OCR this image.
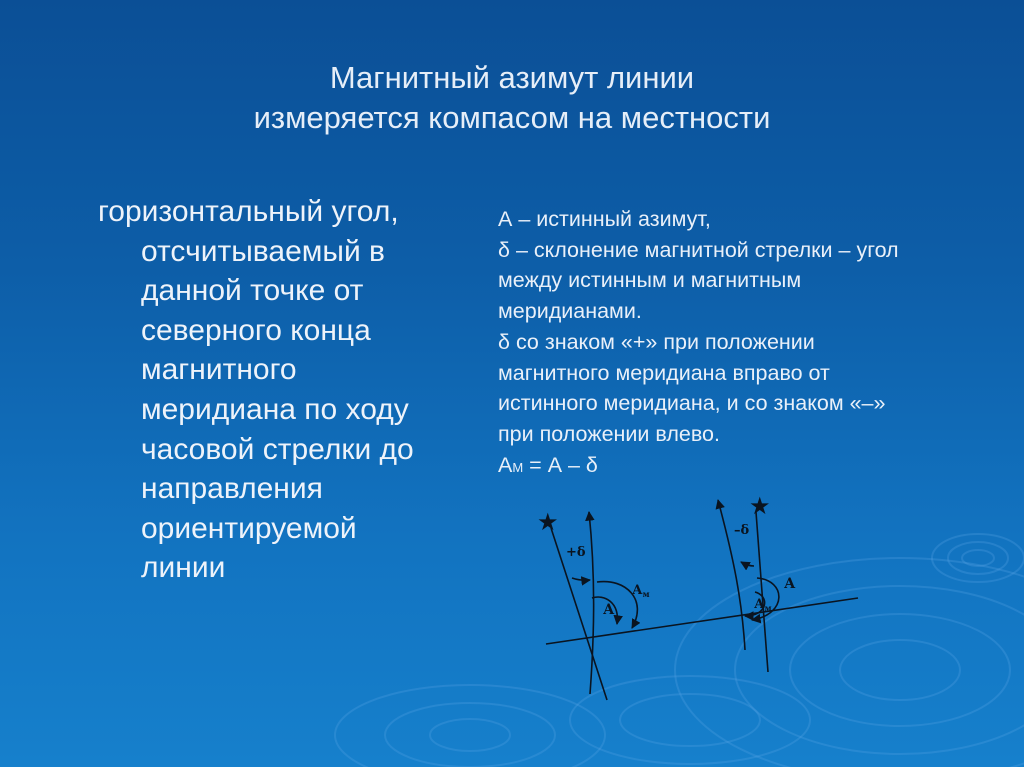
Магнитный азимут линии
измеряется компасом на местности
горизонтальный угол,
отсчитываемый в
данной точке от
северного конца
магнитного
меридиана по ходу
часовой стрелки до
направления
ориентируемой
линии
А – истинный азимут,
δ – склонение магнитной стрелки – угол
между истинным и магнитным
меридианами.
δ со знаком «+» при положении
магнитного меридиана вправо от
истинного меридиана, и со знаком «–»
при положении влево.
АМ = А – δ
★
★
+δ
А
$А_м$
–δ
А
$А_м$
